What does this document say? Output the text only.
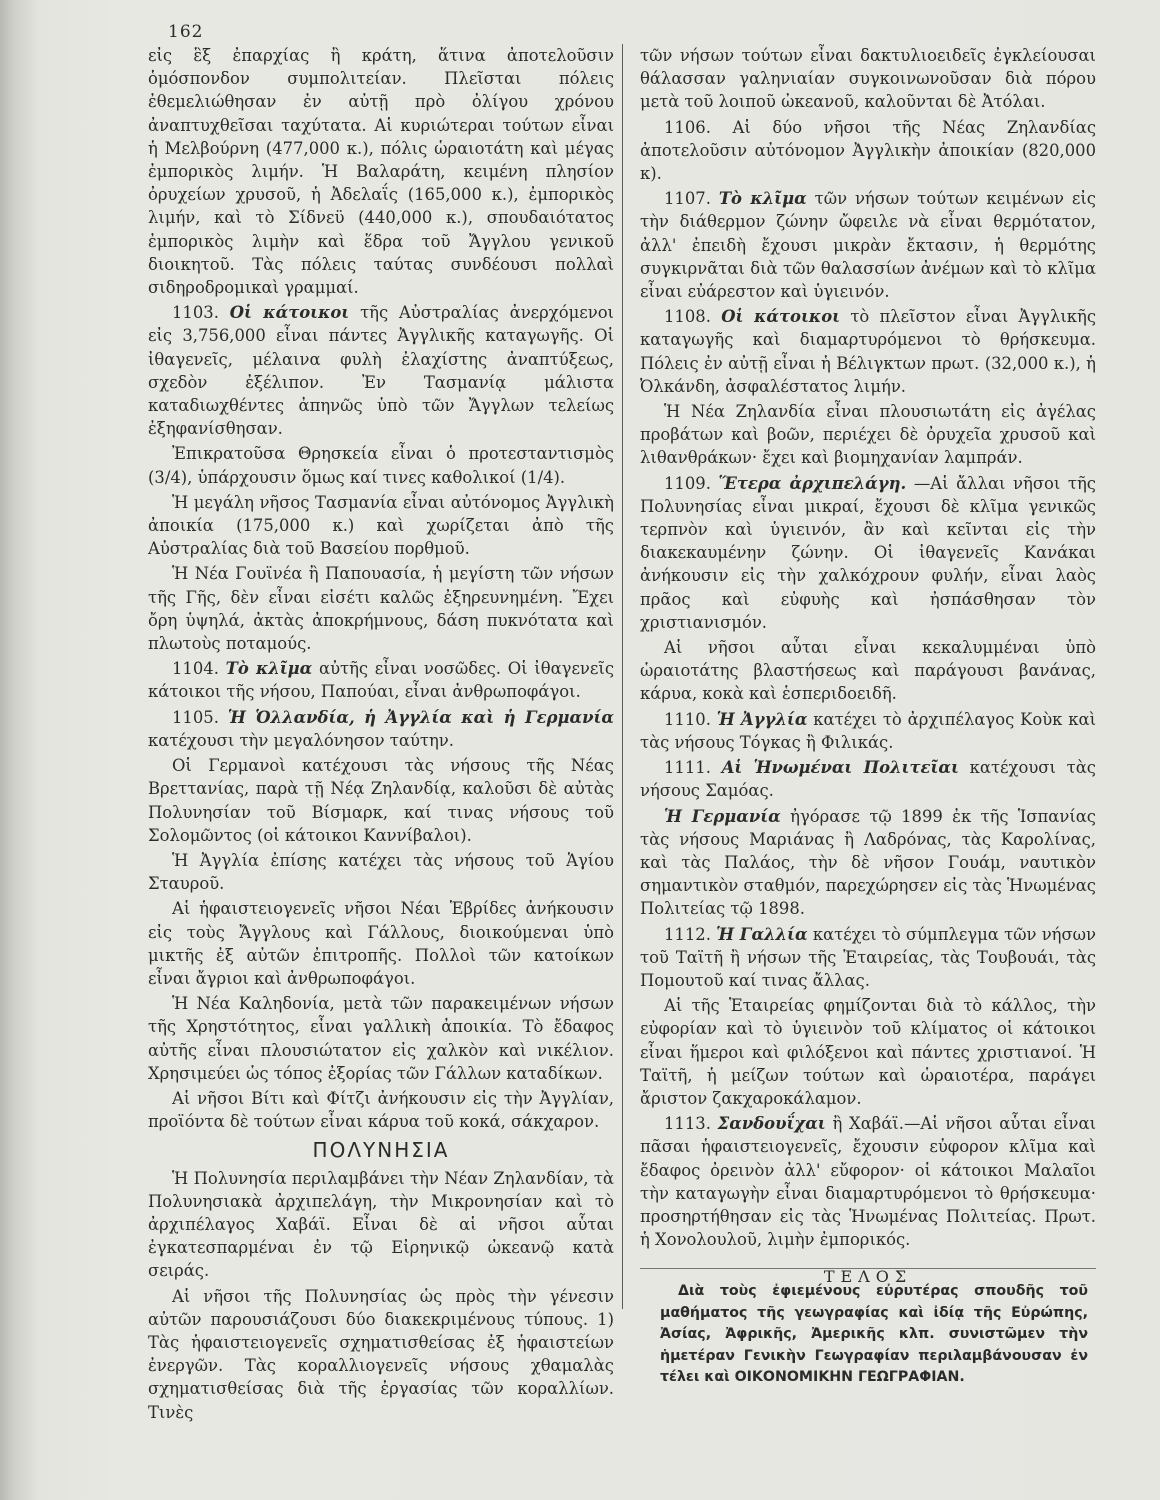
162

εἰς ἓξ ἐπαρχίας ἢ κράτη, ἅτινα ἀποτελοῦσιν ὁμόσπονδον συμπολιτείαν. Πλεῖσται πόλεις ἐθεμελιώθησαν ἐν αὐτῇ πρὸ ὀλίγου χρόνου ἀναπτυχθεῖσαι ταχύτατα. Αἱ κυριώτεραι τούτων εἶναι ἡ Μελβούρνη (477,000 κ.), πόλις ὡραιοτάτη καὶ μέγας ἐμπορικὸς λιμήν. Ἡ Βαλαράτη, κειμένη πλησίον ὀρυχείων χρυσοῦ, ἡ Ἀδελαΐς (165,000 κ.), ἐμπορικὸς λιμήν, καὶ τὸ Σίδνεϋ (440,000 κ.), σπουδαιότατος ἐμπορικὸς λιμὴν καὶ ἕδρα τοῦ Ἄγγλου γενικοῦ διοικητοῦ. Τὰς πόλεις ταύτας συνδέουσι πολλαὶ σιδηροδρομικαὶ γραμμαί.

1103. Οἱ κάτοικοι τῆς Αὐστραλίας ἀνερχόμενοι εἰς 3,756,000 εἶναι πάντες Ἀγγλικῆς καταγωγῆς. Οἱ ἰθαγενεῖς, μέλαινα φυλὴ ἐλαχίστης ἀναπτύξεως, σχεδὸν ἐξέλιπον. Ἐν Τασμανίᾳ μάλιστα καταδιωχθέντες ἀπηνῶς ὑπὸ τῶν Ἄγγλων τελείως ἐξηφανίσθησαν.

Ἐπικρατοῦσα Θρησκεία εἶναι ὁ προτεσταντισμὸς (3/4), ὑπάρχουσιν ὅμως καί τινες καθολικοί (1/4).

Ἡ μεγάλη νῆσος Τασμανία εἶναι αὐτόνομος Ἀγγλικὴ ἀποικία (175,000 κ.) καὶ χωρίζεται ἀπὸ τῆς Αὐστραλίας διὰ τοῦ Βασείου πορθμοῦ.

Ἡ Νέα Γουϊνέα ἢ Παπουασία, ἡ μεγίστη τῶν νήσων τῆς Γῆς, δὲν εἶναι εἰσέτι καλῶς ἐξηρευνημένη. Ἔχει ὄρη ὑψηλά, ἀκτὰς ἀποκρήμνους, δάση πυκνότατα καὶ πλωτοὺς ποταμούς.

1104. Τὸ κλῖμα αὐτῆς εἶναι νοσῶδες. Οἱ ἰθαγενεῖς κάτοικοι τῆς νήσου, Παπούαι, εἶναι ἀνθρωποφάγοι.

1105. Ἡ Ὁλλανδία, ἡ Ἀγγλία καὶ ἡ Γερμανία κατέχουσι τὴν μεγαλόνησον ταύτην.

Οἱ Γερμανοὶ κατέχουσι τὰς νήσους τῆς Νέας Βρεττανίας, παρὰ τῇ Νέᾳ Ζηλανδίᾳ, καλοῦσι δὲ αὐτὰς Πολυνησίαν τοῦ Βίσμαρκ, καί τινας νήσους τοῦ Σολομῶντος (οἱ κάτοικοι Καννίβαλοι).

Ἡ Ἀγγλία ἐπίσης κατέχει τὰς νήσους τοῦ Ἁγίου Σταυροῦ.

Αἱ ἡφαιστειογενεῖς νῆσοι Νέαι Ἑβρίδες ἀνήκουσιν εἰς τοὺς Ἄγγλους καὶ Γάλλους, διοικούμεναι ὑπὸ μικτῆς ἐξ αὐτῶν ἐπιτροπῆς. Πολλοὶ τῶν κατοίκων εἶναι ἄγριοι καὶ ἀνθρωποφάγοι.

Ἡ Νέα Καληδονία, μετὰ τῶν παρακειμένων νήσων τῆς Χρηστότητος, εἶναι γαλλικὴ ἀποικία. Τὸ ἔδαφος αὐτῆς εἶναι πλουσιώτατον εἰς χαλκὸν καὶ νικέλιον. Χρησιμεύει ὡς τόπος ἐξορίας τῶν Γάλλων καταδίκων.

Αἱ νῆσοι Βίτι καὶ Φίτζι ἀνήκουσιν εἰς τὴν Ἀγγλίαν, προϊόντα δὲ τούτων εἶναι κάρυα τοῦ κοκά, σάκχαρον.

ΠΟΛΥΝΗΣΙΑ

Ἡ Πολυνησία περιλαμβάνει τὴν Νέαν Ζηλανδίαν, τὰ Πολυνησιακὰ ἀρχιπελάγη, τὴν Μικρονησίαν καὶ τὸ ἀρχιπέλαγος Χαβάϊ. Εἶναι δὲ αἱ νῆσοι αὗται ἐγκατεσπαρμέναι ἐν τῷ Εἰρηνικῷ ὠκεανῷ κατὰ σειράς.

Αἱ νῆσοι τῆς Πολυνησίας ὡς πρὸς τὴν γένεσιν αὐτῶν παρουσιάζουσι δύο διακεκριμένους τύπους. 1) Τὰς ἡφαιστειογενεῖς σχηματισθείσας ἐξ ἡφαιστείων ἐνεργῶν. Τὰς κοραλλιογενεῖς νήσους χθαμαλὰς σχηματισθείσας διὰ τῆς ἐργασίας τῶν κοραλλίων. Τινὲς

τῶν νήσων τούτων εἶναι δακτυλιοειδεῖς ἐγκλείουσαι θάλασσαν γαληνιαίαν συγκοινωνοῦσαν διὰ πόρου μετὰ τοῦ λοιποῦ ὠκεανοῦ, καλοῦνται δὲ Ἀτόλαι.

1106. Αἱ δύο νῆσοι τῆς Νέας Ζηλανδίας ἀποτελοῦσιν αὐτόνομον Ἀγγλικὴν ἀποικίαν (820,000 κ).

1107. Τὸ κλῖμα τῶν νήσων τούτων κειμένων εἰς τὴν διάθερμον ζώνην ὤφειλε νὰ εἶναι θερμότατον, ἀλλ' ἐπειδὴ ἔχουσι μικρὰν ἔκτασιν, ἡ θερμότης συγκιρνᾶται διὰ τῶν θαλασσίων ἀνέμων καὶ τὸ κλῖμα εἶναι εὐάρεστον καὶ ὑγιεινόν.

1108. Οἱ κάτοικοι τὸ πλεῖστον εἶναι Ἀγγλικῆς καταγωγῆς καὶ διαμαρτυρόμενοι τὸ θρήσκευμα. Πόλεις ἐν αὐτῇ εἶναι ἡ Βέλιγκτων πρωτ. (32,000 κ.), ἡ Ὀλκάνδη, ἀσφαλέστατος λιμήν.

Ἡ Νέα Ζηλανδία εἶναι πλουσιωτάτη εἰς ἀγέλας προβάτων καὶ βοῶν, περιέχει δὲ ὀρυχεῖα χρυσοῦ καὶ λιθανθράκων· ἔχει καὶ βιομηχανίαν λαμπράν.

1109. Ἕτερα ἀρχιπελάγη. —Αἱ ἄλλαι νῆσοι τῆς Πολυνησίας εἶναι μικραί, ἔχουσι δὲ κλῖμα γενικῶς τερπνὸν καὶ ὑγιεινόν, ἂν καὶ κεῖνται εἰς τὴν διακεκαυμένην ζώνην. Οἱ ἰθαγενεῖς Κανάκαι ἀνήκουσιν εἰς τὴν χαλκόχρουν φυλήν, εἶναι λαὸς πρᾶος καὶ εὐφυὴς καὶ ἠσπάσθησαν τὸν χριστιανισμόν.

Αἱ νῆσοι αὗται εἶναι κεκαλυμμέναι ὑπὸ ὡραιοτάτης βλαστήσεως καὶ παράγουσι βανάνας, κάρυα, κοκὰ καὶ ἑσπεριδοειδῆ.

1110. Ἡ Ἀγγλία κατέχει τὸ ἀρχιπέλαγος Κοὺκ καὶ τὰς νήσους Τόγκας ἢ Φιλικάς.

1111. Αἱ Ἡνωμέναι Πολιτεῖαι κατέχουσι τὰς νήσους Σαμόας.

Ἡ Γερμανία ἠγόρασε τῷ 1899 ἐκ τῆς Ἱσπανίας τὰς νήσους Μαριάνας ἢ Λαδρόνας, τὰς Καρολίνας, καὶ τὰς Παλάος, τὴν δὲ νῆσον Γουάμ, ναυτικὸν σημαντικὸν σταθμόν, παρεχώρησεν εἰς τὰς Ἡνωμένας Πολιτείας τῷ 1898.

1112. Ἡ Γαλλία κατέχει τὸ σύμπλεγμα τῶν νήσων τοῦ Ταϊτῆ ἢ νήσων τῆς Ἑταιρείας, τὰς Τουβουάι, τὰς Πομουτοῦ καί τινας ἄλλας.

Αἱ τῆς Ἑταιρείας φημίζονται διὰ τὸ κάλλος, τὴν εὐφορίαν καὶ τὸ ὑγιεινὸν τοῦ κλίματος οἱ κάτοικοι εἶναι ἥμεροι καὶ φιλόξενοι καὶ πάντες χριστιανοί. Ἡ Ταϊτῆ, ἡ μείζων τούτων καὶ ὡραιοτέρα, παράγει ἄριστον ζακχαροκάλαμον.

1113. Σανδουΐχαι ἢ Χαβάϊ.—Αἱ νῆσοι αὗται εἶναι πᾶσαι ἡφαιστειογενεῖς, ἔχουσιν εὐφορον κλῖμα καὶ ἔδαφος ὀρεινὸν ἀλλ' εὔφορον· οἱ κάτοικοι Μαλαῖοι τὴν καταγωγὴν εἶναι διαμαρτυρόμενοι τὸ θρήσκευμα· προσηρτήθησαν εἰς τὰς Ἡνωμένας Πολιτείας. Πρωτ. ἡ Χονολουλοῦ, λιμὴν ἐμπορικός.

ΤΕΛΟΣ
Διὰ τοὺς ἐφιεμένους εὐρυτέρας σπουδῆς τοῦ μαθήματος τῆς γεωγραφίας καὶ ἰδίᾳ τῆς Εὐρώπης, Ἀσίας, Ἀφρικῆς, Ἀμερικῆς κλπ. συνιστῶμεν τὴν ἡμετέραν Γενικὴν Γεωγραφίαν περιλαμβάνουσαν ἐν τέλει καὶ ΟΙΚΟΝΟΜΙΚΗΝ ΓΕΩΓΡΑΦΙΑΝ.
